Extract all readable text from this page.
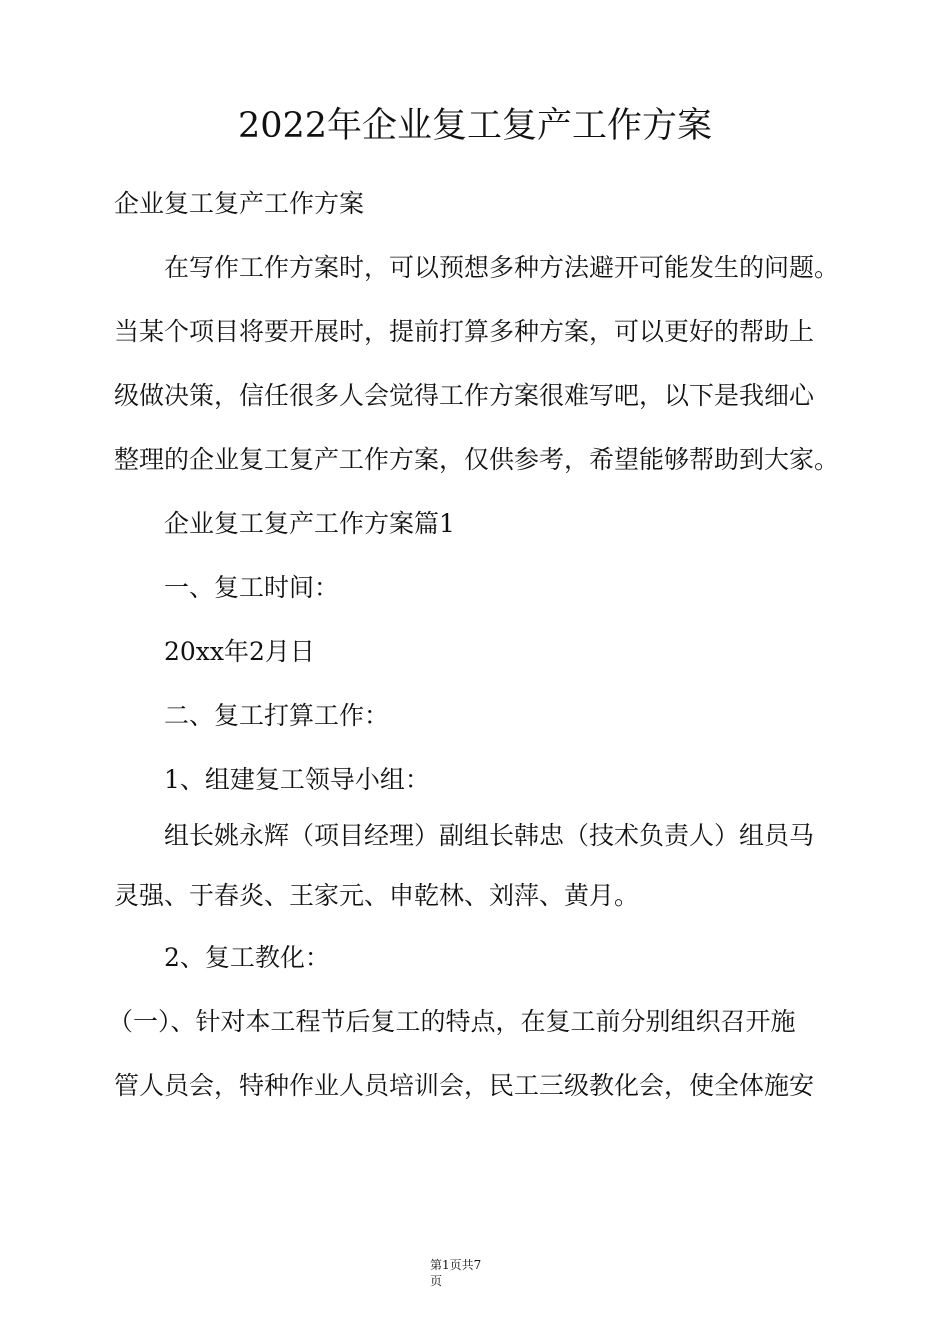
2022年企业复工复产工作方案
企业复工复产工作方案
在写作工作方案时，可以预想多种方法避开可能发生的问题。
当某个项目将要开展时，提前打算多种方案，可以更好的帮助上
级做决策，信任很多人会觉得工作方案很难写吧，以下是我细心
整理的企业复工复产工作方案，仅供参考，希望能够帮助到大家。
企业复工复产工作方案篇1
一、复工时间：
20xx年2月日
二、复工打算工作：
1、组建复工领导小组：
组长姚永辉（项目经理）副组长韩忠（技术负责人）组员马
灵强、于春炎、王家元、申乾林、刘萍、黄月。
2、复工教化：
（一）、针对本工程节后复工的特点，在复工前分别组织召开施
管人员会，特种作业人员培训会，民工三级教化会，使全体施安
第1页共7
页
